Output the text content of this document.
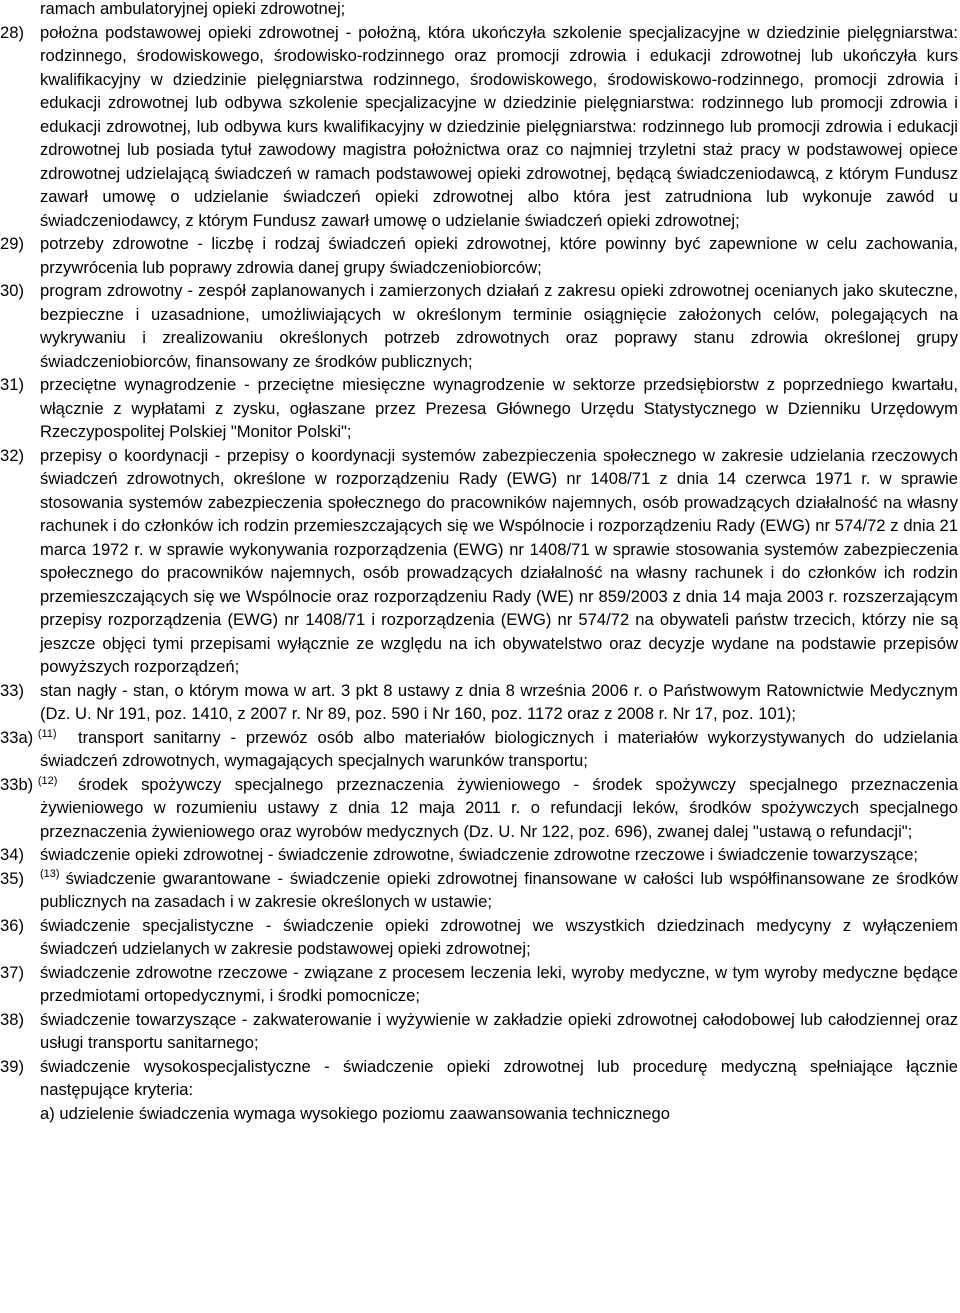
ramach ambulatoryjnej opieki zdrowotnej;
28) położna podstawowej opieki zdrowotnej - położną, która ukończyła szkolenie specjalizacyjne w dziedzinie pielęgniarstwa: rodzinnego, środowiskowego, środowisko-rodzinnego oraz promocji zdrowia i edukacji zdrowotnej lub ukończyła kurs kwalifikacyjny w dziedzinie pielęgniarstwa rodzinnego, środowiskowego, środowiskowo-rodzinnego, promocji zdrowia i edukacji zdrowotnej lub odbywa szkolenie specjalizacyjne w dziedzinie pielęgniarstwa: rodzinnego lub promocji zdrowia i edukacji zdrowotnej, lub odbywa kurs kwalifikacyjny w dziedzinie pielęgniarstwa: rodzinnego lub promocji zdrowia i edukacji zdrowotnej lub posiada tytuł zawodowy magistra położnictwa oraz co najmniej trzyletni staż pracy w podstawowej opiece zdrowotnej udzielającą świadczeń w ramach podstawowej opieki zdrowotnej, będącą świadczeniodawcą, z którym Fundusz zawarł umowę o udzielanie świadczeń opieki zdrowotnej albo która jest zatrudniona lub wykonuje zawód u świadczeniodawcy, z którym Fundusz zawarł umowę o udzielanie świadczeń opieki zdrowotnej;
29) potrzeby zdrowotne - liczbę i rodzaj świadczeń opieki zdrowotnej, które powinny być zapewnione w celu zachowania, przywrócenia lub poprawy zdrowia danej grupy świadczeniobiorców;
30) program zdrowotny - zespół zaplanowanych i zamierzonych działań z zakresu opieki zdrowotnej ocenianych jako skuteczne, bezpieczne i uzasadnione, umożliwiających w określonym terminie osiągnięcie założonych celów, polegających na wykrywaniu i zrealizowaniu określonych potrzeb zdrowotnych oraz poprawy stanu zdrowia określonej grupy świadczeniobiorców, finansowany ze środków publicznych;
31) przeciętne wynagrodzenie - przeciętne miesięczne wynagrodzenie w sektorze przedsiębiorstw z poprzedniego kwartału, włącznie z wypłatami z zysku, ogłaszane przez Prezesa Głównego Urzędu Statystycznego w Dzienniku Urzędowym Rzeczypospolitej Polskiej "Monitor Polski";
32) przepisy o koordynacji - przepisy o koordynacji systemów zabezpieczenia społecznego w zakresie udzielania rzeczowych świadczeń zdrowotnych, określone w rozporządzeniu Rady (EWG) nr 1408/71 z dnia 14 czerwca 1971 r. w sprawie stosowania systemów zabezpieczenia społecznego do pracowników najemnych, osób prowadzących działalność na własny rachunek i do członków ich rodzin przemieszczających się we Wspólnocie i rozporządzeniu Rady (EWG) nr 574/72 z dnia 21 marca 1972 r. w sprawie wykonywania rozporządzenia (EWG) nr 1408/71 w sprawie stosowania systemów zabezpieczenia społecznego do pracowników najemnych, osób prowadzących działalność na własny rachunek i do członków ich rodzin przemieszczających się we Wspólnocie oraz rozporządzeniu Rady (WE) nr 859/2003 z dnia 14 maja 2003 r. rozszerzającym przepisy rozporządzenia (EWG) nr 1408/71 i rozporządzenia (EWG) nr 574/72 na obywateli państw trzecich, którzy nie są jeszcze objęci tymi przepisami wyłącznie ze względu na ich obywatelstwo oraz decyzje wydane na podstawie przepisów powyższych rozporządzeń;
33) stan nagły - stan, o którym mowa w art. 3 pkt 8 ustawy z dnia 8 września 2006 r. o Państwowym Ratownictwie Medycznym (Dz. U. Nr 191, poz. 1410, z 2007 r. Nr 89, poz. 590 i Nr 160, poz. 1172 oraz z 2008 r. Nr 17, poz. 101);
33a) $^{(11)}$	transport sanitarny - przewóz osób albo materiałów biologicznych i materiałów wykorzystywanych do udzielania świadczeń zdrowotnych, wymagających specjalnych warunków transportu;
33b) $^{(12)}$	środek spożywczy specjalnego przeznaczenia żywieniowego - środek spożywczy specjalnego przeznaczenia żywieniowego w rozumieniu ustawy z dnia 12 maja 2011 r. o refundacji leków, środków spożywczych specjalnego przeznaczenia żywieniowego oraz wyrobów medycznych (Dz. U. Nr 122, poz. 696), zwanej dalej "ustawą o refundacji";
34) świadczenie opieki zdrowotnej - świadczenie zdrowotne, świadczenie zdrowotne rzeczowe i świadczenie towarzyszące;
35)	$^{(13)}$ świadczenie gwarantowane - świadczenie opieki zdrowotnej finansowane w całości lub współfinansowane ze środków publicznych na zasadach i w zakresie określonych w ustawie;
36) świadczenie specjalistyczne - świadczenie opieki zdrowotnej we wszystkich dziedzinach medycyny z wyłączeniem świadczeń udzielanych w zakresie podstawowej opieki zdrowotnej;
37) świadczenie zdrowotne rzeczowe - związane z procesem leczenia leki, wyroby medyczne, w tym wyroby medyczne będące przedmiotami ortopedycznymi, i środki pomocnicze;
38) świadczenie towarzyszące - zakwaterowanie i wyżywienie w zakładzie opieki zdrowotnej całodobowej lub całodziennej oraz usługi transportu sanitarnego;
39) świadczenie wysokospecjalistyczne - świadczenie opieki zdrowotnej lub procedurę medyczną spełniające łącznie następujące kryteria:
a) udzielenie świadczenia wymaga wysokiego poziomu zaawansowania technicznego
